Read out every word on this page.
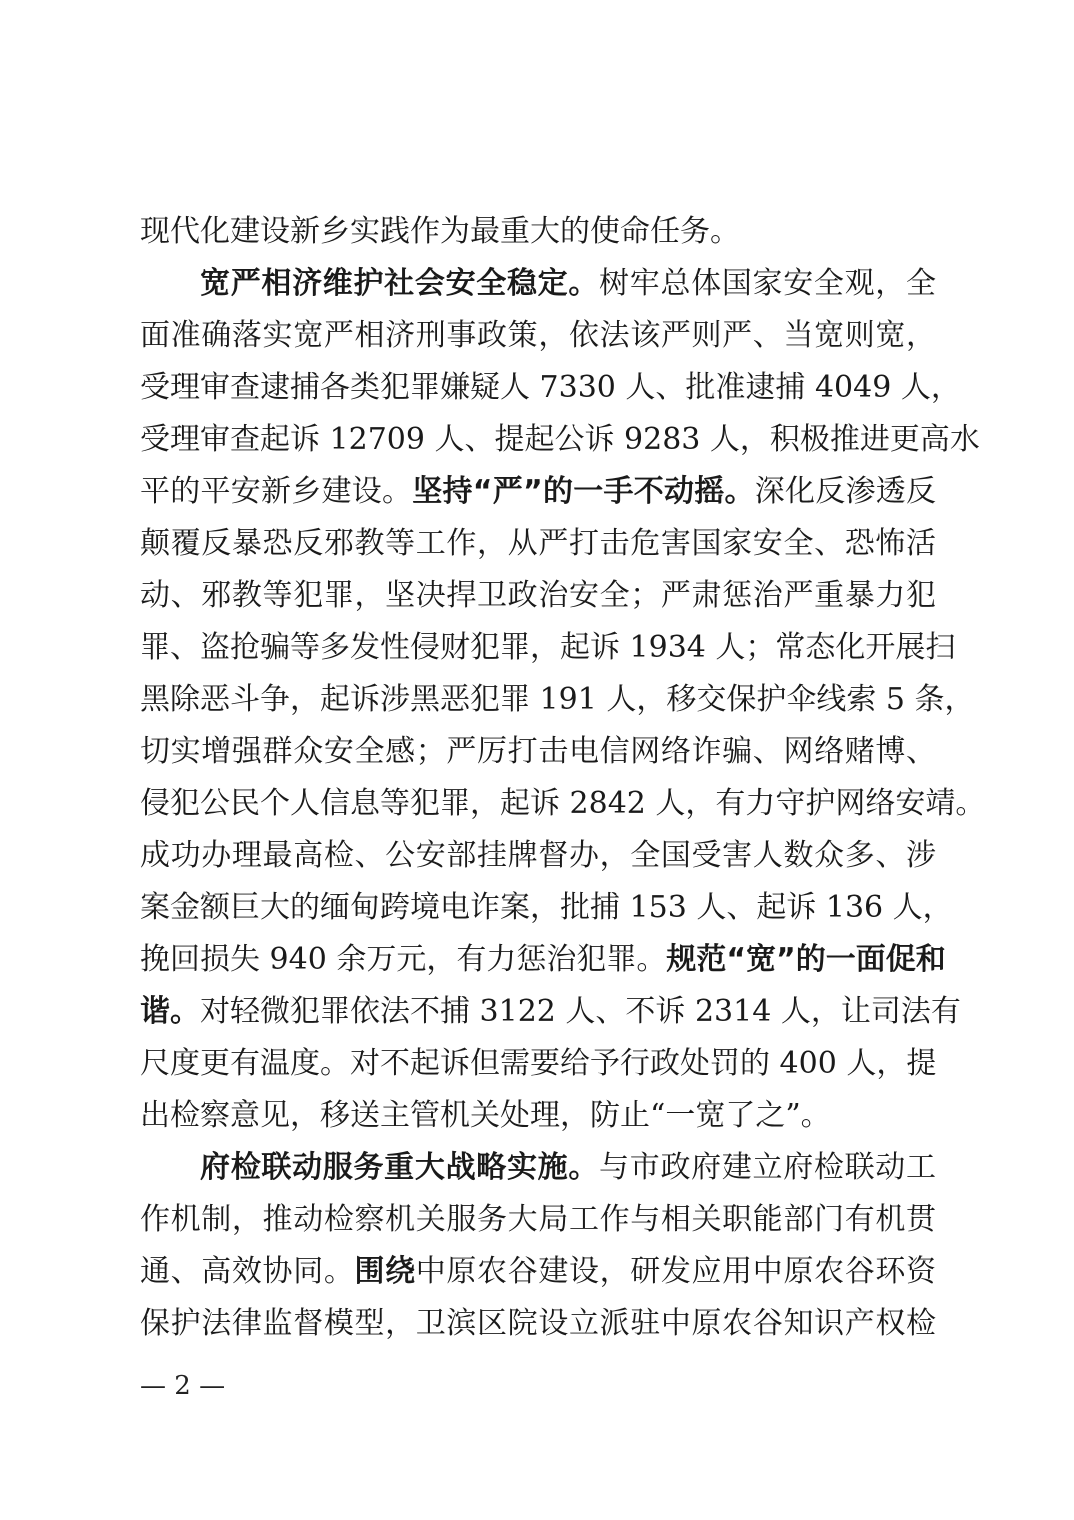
现代化建设新乡实践作为最重大的使命任务。
宽严相济维护社会安全稳定。树牢总体国家安全观，全
面准确落实宽严相济刑事政策，依法该严则严、当宽则宽，
受理审查逮捕各类犯罪嫌疑人 7330 人、批准逮捕 4049 人，
受理审查起诉 12709 人、提起公诉 9283 人，积极推进更高水
平的平安新乡建设。坚持“严”的一手不动摇。深化反渗透反
颠覆反暴恐反邪教等工作，从严打击危害国家安全、恐怖活
动、邪教等犯罪，坚决捍卫政治安全；严肃惩治严重暴力犯
罪、盗抢骗等多发性侵财犯罪，起诉 1934 人；常态化开展扫
黑除恶斗争，起诉涉黑恶犯罪 191 人，移交保护伞线索 5 条，
切实增强群众安全感；严厉打击电信网络诈骗、网络赌博、
侵犯公民个人信息等犯罪，起诉 2842 人，有力守护网络安靖。
成功办理最高检、公安部挂牌督办，全国受害人数众多、涉
案金额巨大的缅甸跨境电诈案，批捕 153 人、起诉 136 人，
挽回损失 940 余万元，有力惩治犯罪。规范“宽”的一面促和
谐。对轻微犯罪依法不捕 3122 人、不诉 2314 人，让司法有
尺度更有温度。对不起诉但需要给予行政处罚的 400 人，提
出检察意见，移送主管机关处理，防止“一宽了之”。
府检联动服务重大战略实施。与市政府建立府检联动工
作机制，推动检察机关服务大局工作与相关职能部门有机贯
通、高效协同。围绕中原农谷建设，研发应用中原农谷环资
保护法律监督模型，卫滨区院设立派驻中原农谷知识产权检
— 2 —
